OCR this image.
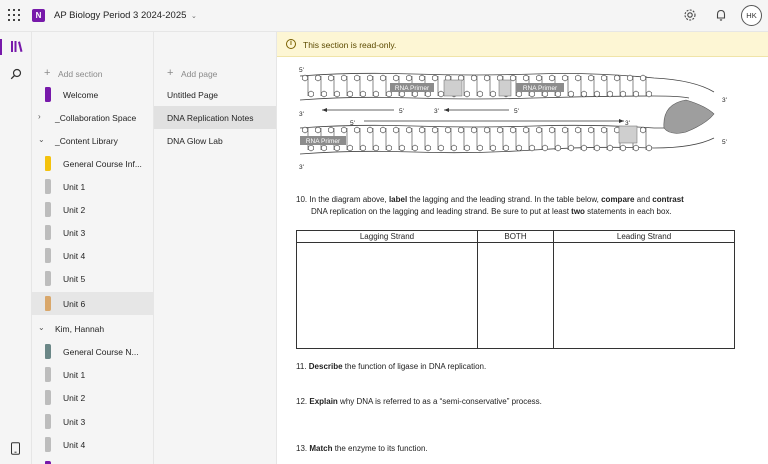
N	AP Biology Period 3 2024-2025 ⌄	HK
+ Add section
Welcome
› _Collaboration Space
⌄ _Content Library
General Course Inf...
Unit 1
Unit 2
Unit 3
Unit 4
Unit 5
Unit 6
⌄ Kim, Hannah
General Course N...
Unit 1
Unit 2
Unit 3
Unit 4
+ Add page
Untitled Page
DNA Replication Notes
DNA Glow Lab
i	This section is read-only.
RNA Primer	RNA Primer
RNA Primer
5'
3'	5'	3'	5'
5'	3'
3'
3'
5'
10. In the diagram above, label the lagging and the leading strand. In the table below, compare and contrast
DNA replication on the lagging and leading strand. Be sure to put at least two statements in each box.
Lagging Strand	BOTH	Leading Strand

11. Describe the function of ligase in DNA replication.
12. Explain why DNA is referred to as a “semi-conservative” process.
13. Match the enzyme to its function.
